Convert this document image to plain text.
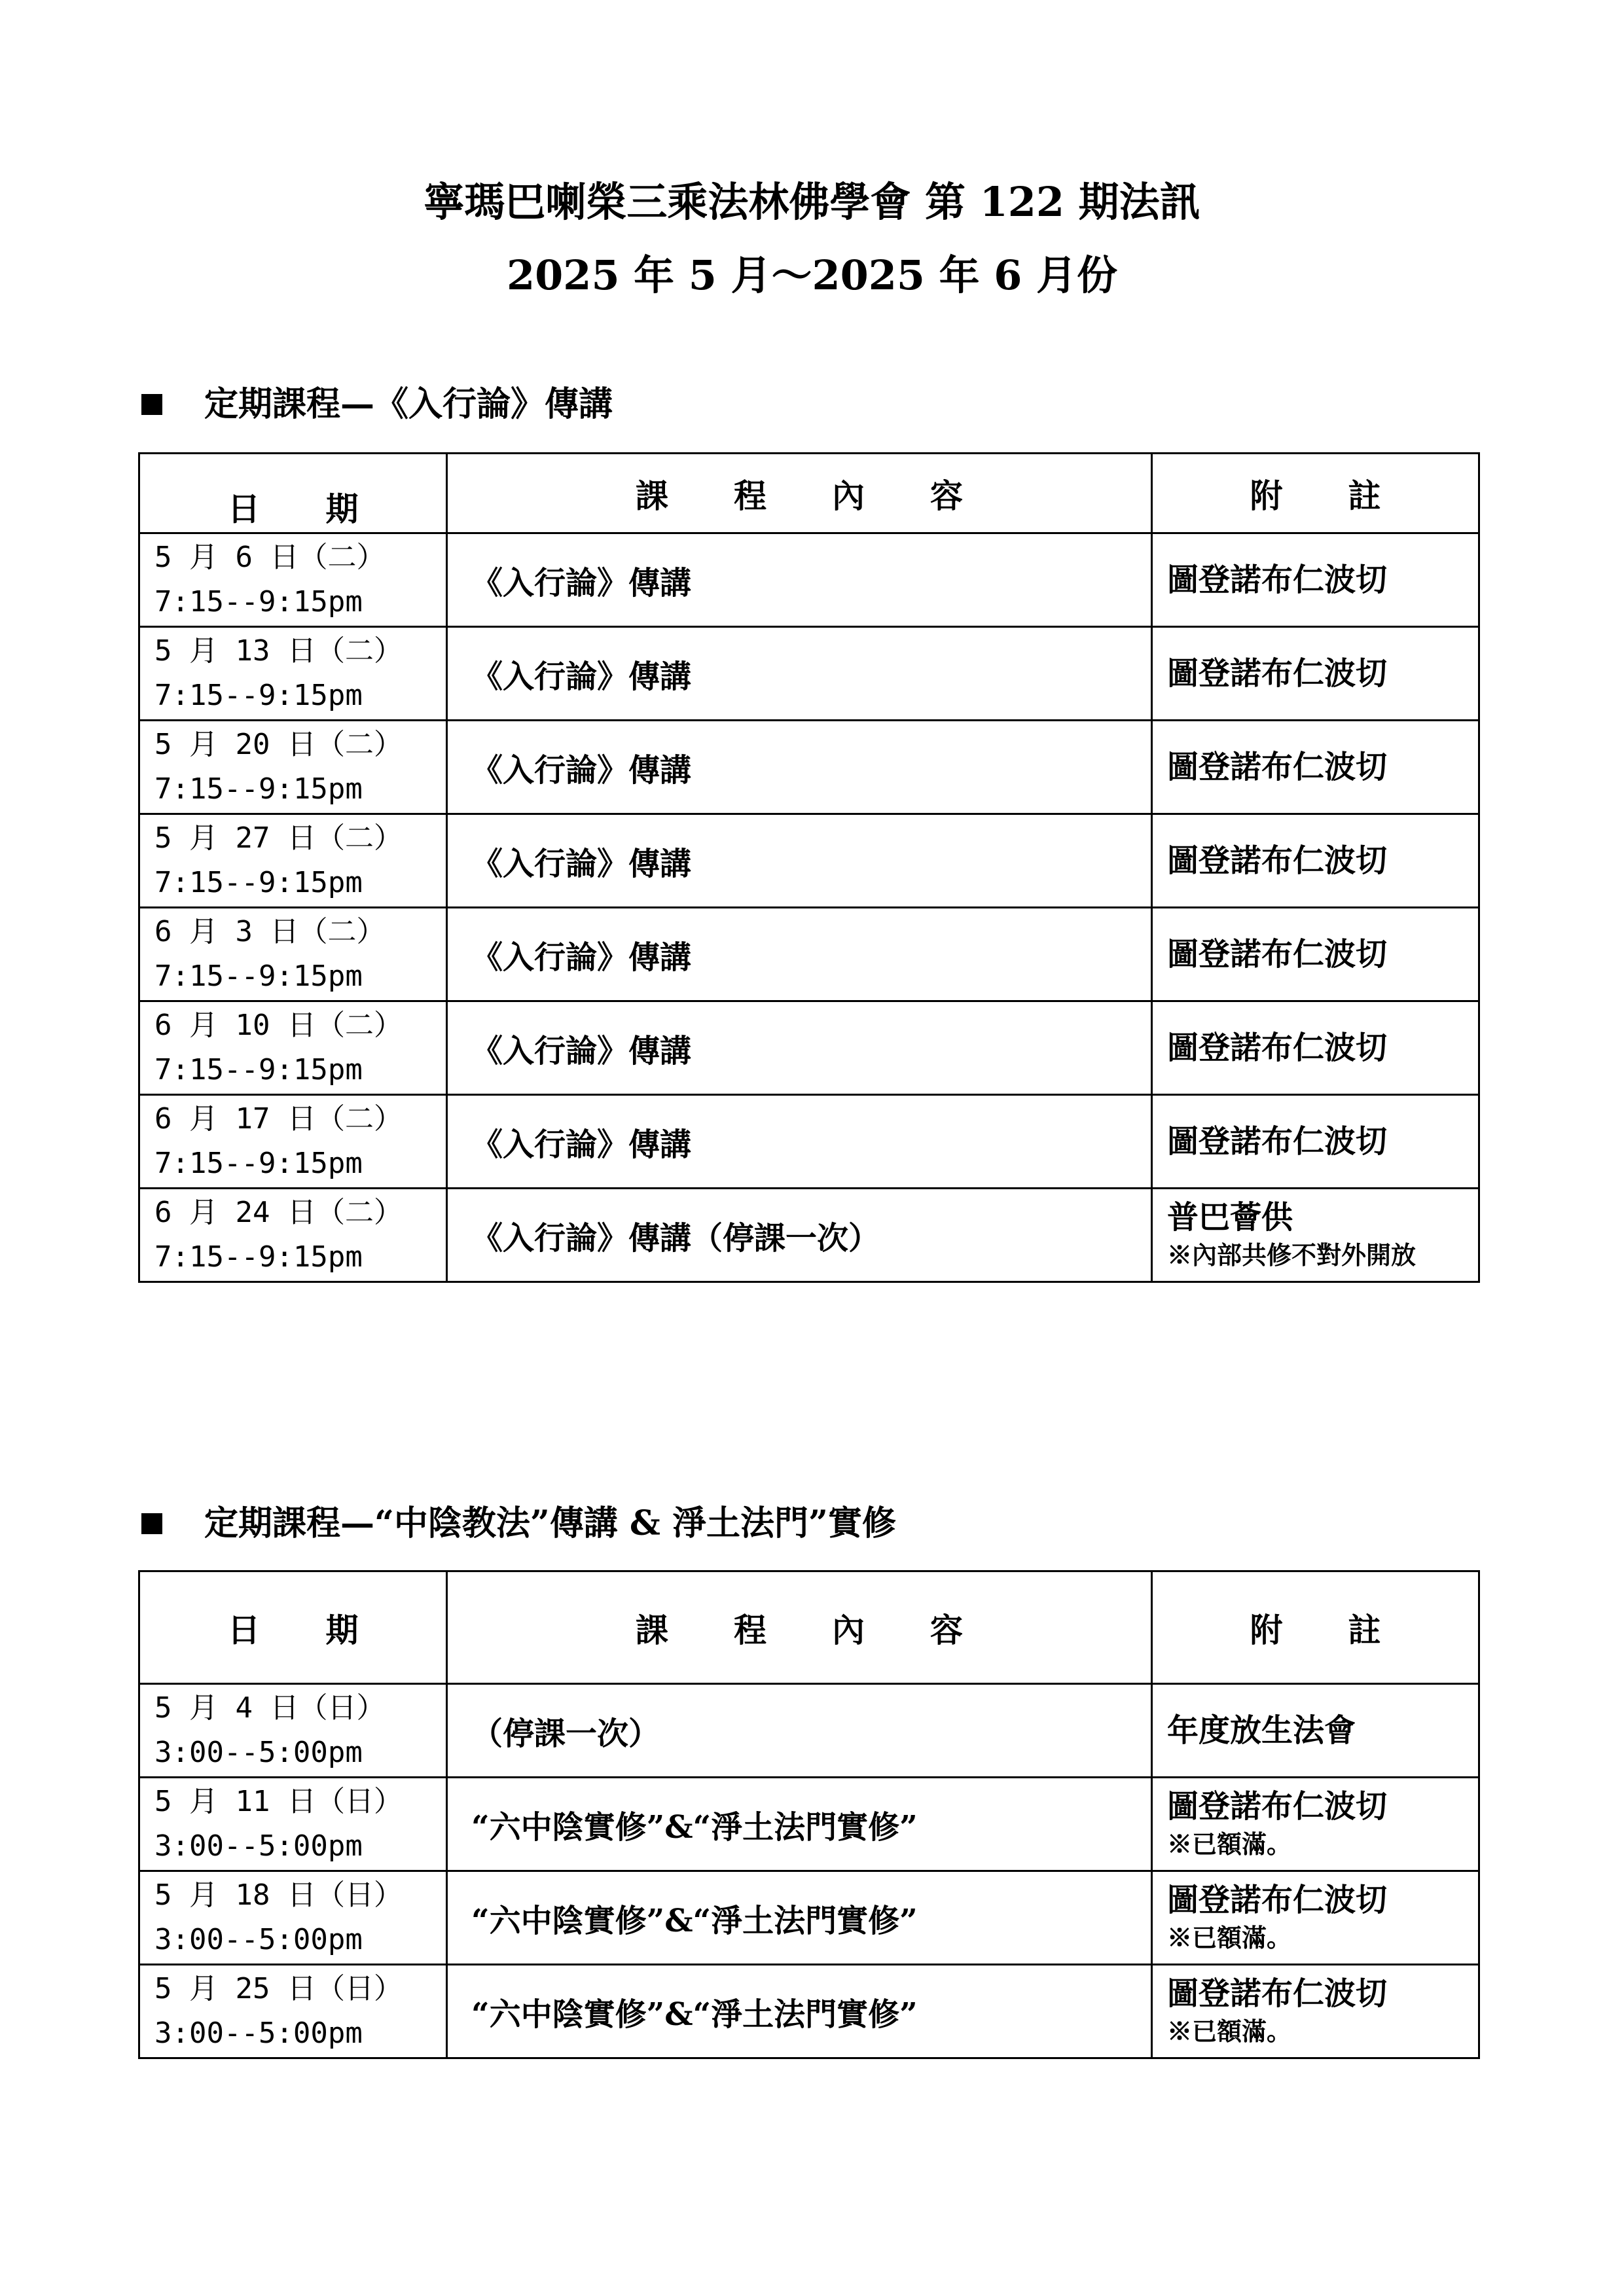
寧瑪巴喇榮三乘法林佛學會 第 122 期法訊
2025 年 5 月～2025 年 6 月份
定期課程—《入行論》傳講
日　　期	課　　程　　內　　容	附　　註

5 月 6 日（二）
7:15--9:15pm	《入行論》傳講	圖登諾布仁波切

5 月 13 日（二）
7:15--9:15pm	《入行論》傳講	圖登諾布仁波切

5 月 20 日（二）
7:15--9:15pm	《入行論》傳講	圖登諾布仁波切

5 月 27 日（二）
7:15--9:15pm	《入行論》傳講	圖登諾布仁波切

6 月 3 日（二）
7:15--9:15pm	《入行論》傳講	圖登諾布仁波切

6 月 10 日（二）
7:15--9:15pm	《入行論》傳講	圖登諾布仁波切

6 月 17 日（二）
7:15--9:15pm	《入行論》傳講	圖登諾布仁波切

6 月 24 日（二）
7:15--9:15pm	《入行論》傳講（停課一次）	普巴薈供
※內部共修不對外開放
定期課程—“中陰教法”傳講 & 淨土法門”實修
日　　期	課　　程　　內　　容	附　　註

5 月 4 日（日）
3:00--5:00pm	（停課一次）	年度放生法會

5 月 11 日（日）
3:00--5:00pm	“六中陰實修”&“淨土法門實修”	圖登諾布仁波切
※已額滿。

5 月 18 日（日）
3:00--5:00pm	“六中陰實修”&“淨土法門實修”	圖登諾布仁波切
※已額滿。

5 月 25 日（日）
3:00--5:00pm	“六中陰實修”&“淨土法門實修”	圖登諾布仁波切
※已額滿。
